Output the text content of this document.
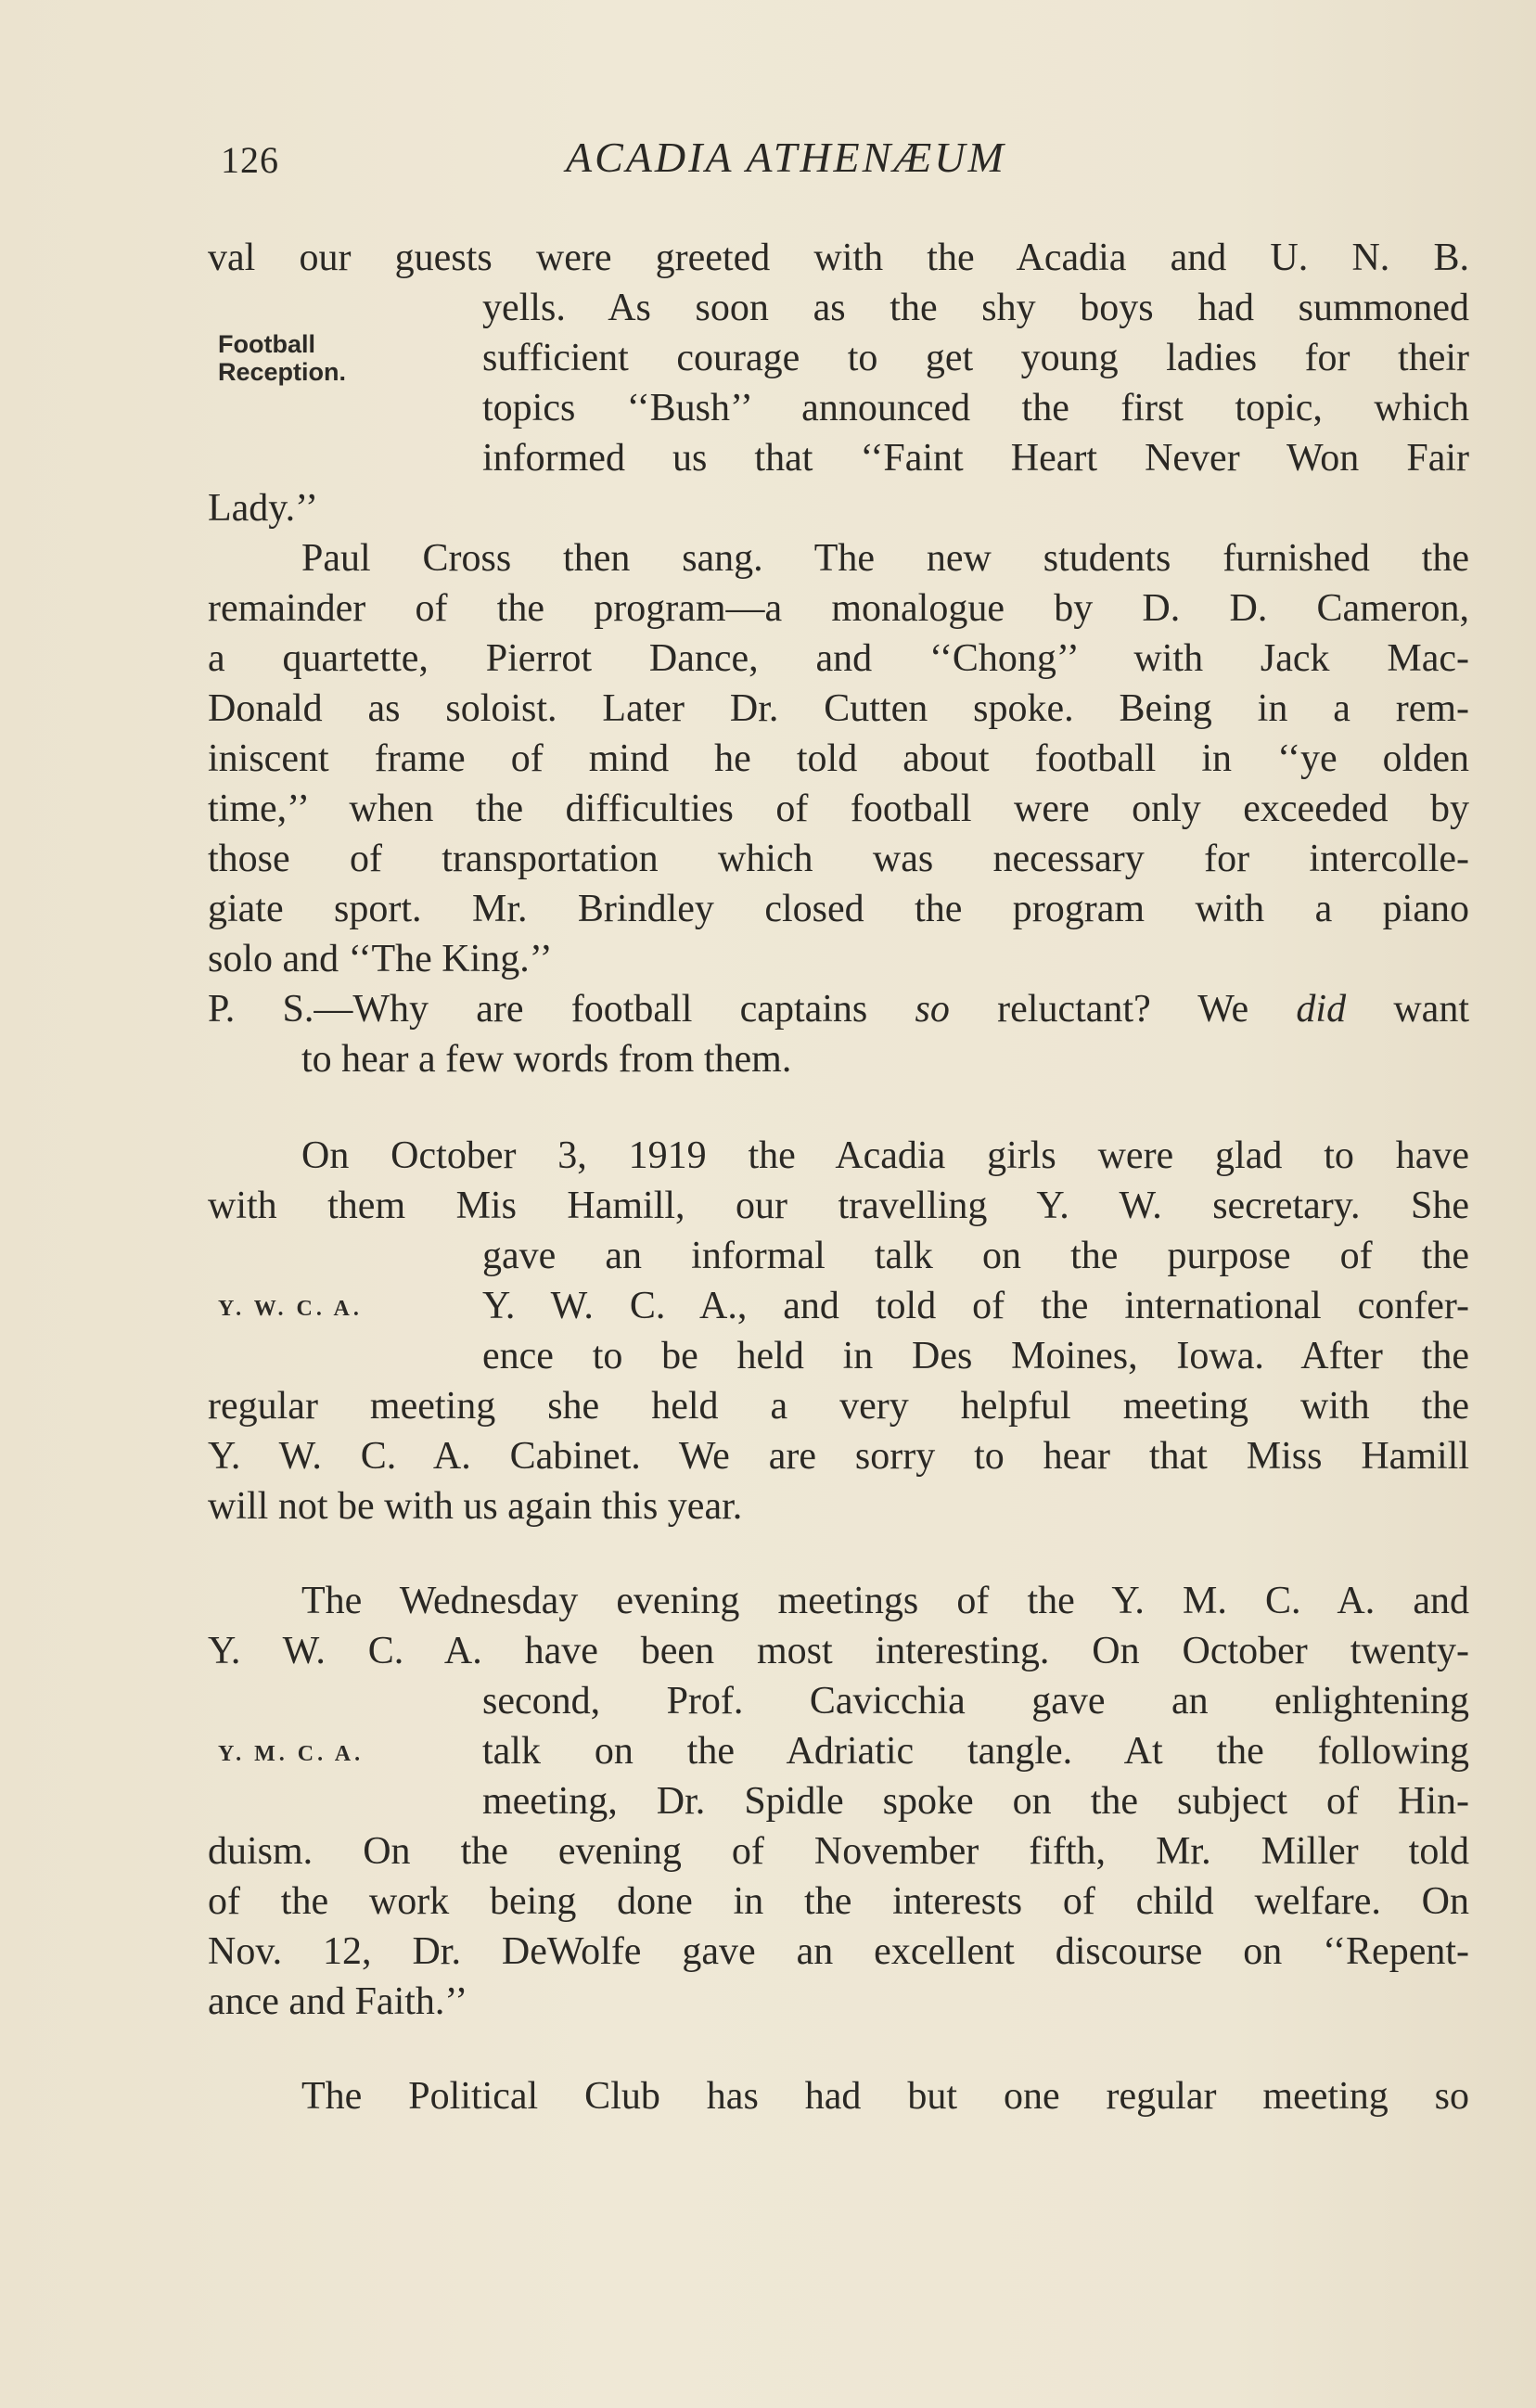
126	ACADIA ATHENÆUM
val our guests were greeted with the Acadia and U. N. B.
yells. As soon as the shy boys had summoned
Football
Reception.	sufficient courage to get young ladies for their
topics ‘‘Bush’’ announced the first topic, which
informed us that ‘‘Faint Heart Never Won Fair
Lady.’’
Paul Cross then sang. The new students furnished the
remainder of the program—a monalogue by D. D. Cameron,
a quartette, Pierrot Dance, and ‘‘Chong’’ with Jack Mac-
Donald as soloist. Later Dr. Cutten spoke. Being in a rem-
iniscent frame of mind he told about football in ‘‘ye olden
time,’’ when the difficulties of football were only exceeded by
those of transportation which was necessary for intercolle-
giate sport. Mr. Brindley closed the program with a piano
solo and ‘‘The King.’’
P. S.—Why are football captains so reluctant? We did want
to hear a few words from them.
On October 3, 1919 the Acadia girls were glad to have
with them Mis Hamill, our travelling Y. W. secretary. She
gave an informal talk on the purpose of the
Y. W. C. A.	Y. W. C. A., and told of the international confer-
ence to be held in Des Moines, Iowa. After the
regular meeting she held a very helpful meeting with the
Y. W. C. A. Cabinet. We are sorry to hear that Miss Hamill
will not be with us again this year.
The Wednesday evening meetings of the Y. M. C. A. and
Y. W. C. A. have been most interesting. On October twenty-
second, Prof. Cavicchia gave an enlightening
Y. M. C. A.	talk on the Adriatic tangle. At the following
meeting, Dr. Spidle spoke on the subject of Hin-
duism. On the evening of November fifth, Mr. Miller told
of the work being done in the interests of child welfare. On
Nov. 12, Dr. DeWolfe gave an excellent discourse on ‘‘Repent-
ance and Faith.’’
The Political Club has had but one regular meeting so
